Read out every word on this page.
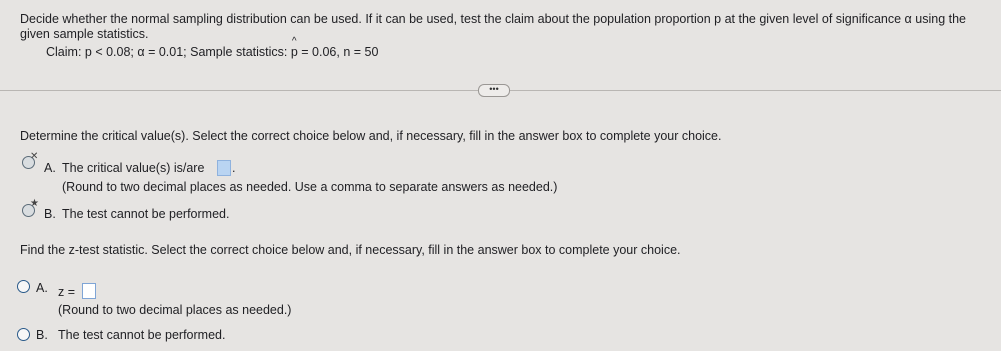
Decide whether the normal sampling distribution can be used. If it can be used, test the claim about the population proportion p at the given level of significance α using the
given sample statistics.
Claim: p < 0.08; α = 0.01; Sample statistics:
^
p = 0.06, n = 50
•••
Determine the critical value(s). Select the correct choice below and, if necessary, fill in the answer box to complete your choice.
✕
A. The critical value(s) is/are .
(Round to two decimal places as needed. Use a comma to separate answers as needed.)
★
B. The test cannot be performed.
Find the z-test statistic. Select the correct choice below and, if necessary, fill in the answer box to complete your choice.
A. z =
(Round to two decimal places as needed.)
B. The test cannot be performed.
